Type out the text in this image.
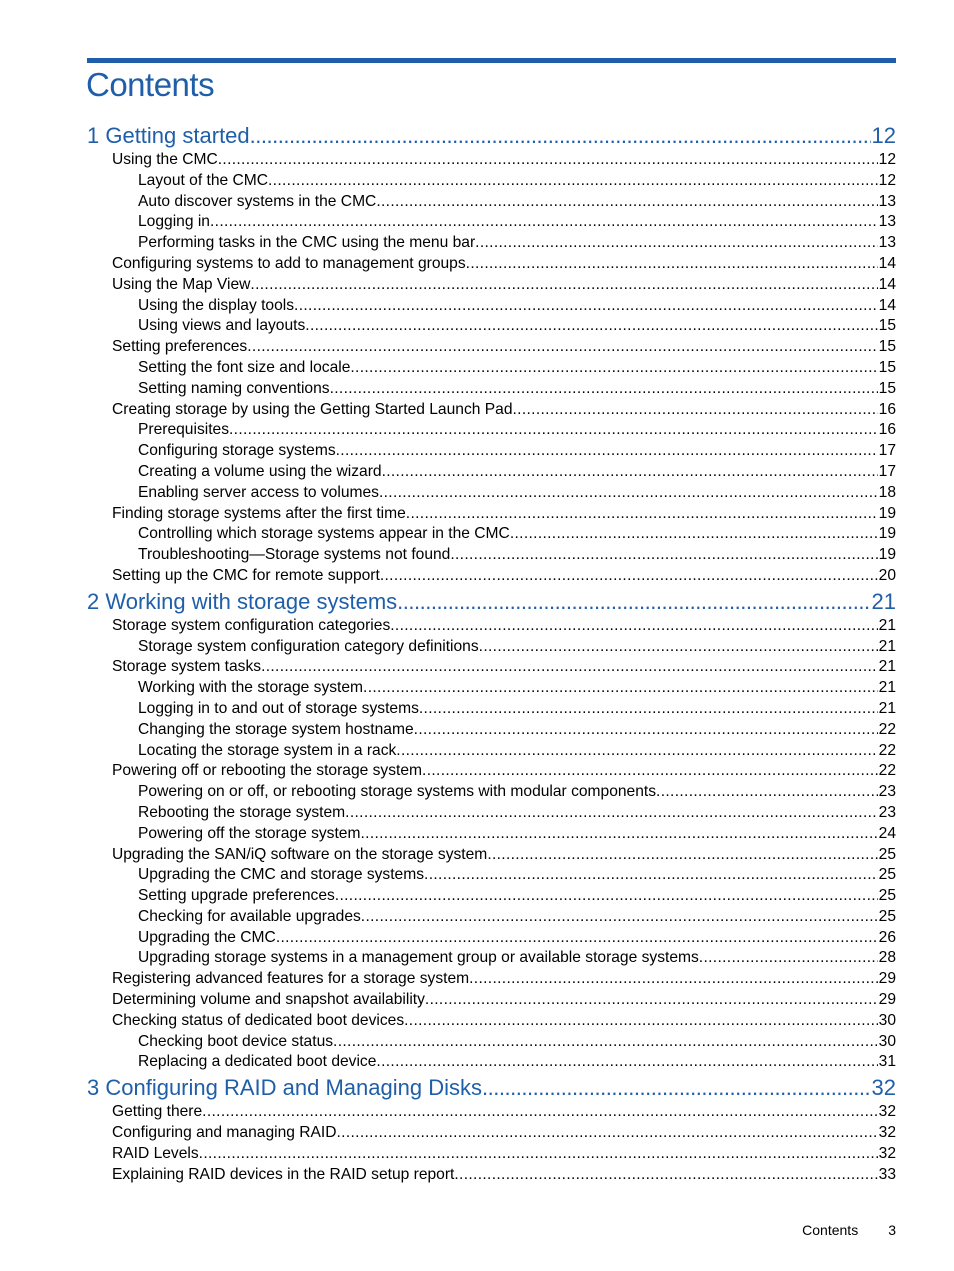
Contents
1 Getting started . . .	12
Using the CMC . . .	12
Layout of the CMC . . .	12
Auto discover systems in the CMC . . .	13
Logging in . . .	13
Performing tasks in the CMC using the menu bar . . .	13
Configuring systems to add to management groups . . .	14
Using the Map View . . .	14
Using the display tools . . .	14
Using views and layouts . . .	15
Setting preferences . . .	15
Setting the font size and locale . . .	15
Setting naming conventions . . .	15
Creating storage by using the Getting Started Launch Pad . . .	16
Prerequisites . . .	16
Configuring storage systems . . .	17
Creating a volume using the wizard . . .	17
Enabling server access to volumes . . .	18
Finding storage systems after the first time . . .	19
Controlling which storage systems appear in the CMC . . .	19
Troubleshooting—Storage systems not found . . .	19
Setting up the CMC for remote support . . .	20
2 Working with storage systems . . .	21
Storage system configuration categories . . .	21
Storage system configuration category definitions . . .	21
Storage system tasks . . .	21
Working with the storage system . . .	21
Logging in to and out of storage systems . . .	21
Changing the storage system hostname . . .	22
Locating the storage system in a rack . . .	22
Powering off or rebooting the storage system . . .	22
Powering on or off, or rebooting storage systems with modular components . . .	23
Rebooting the storage system . . .	23
Powering off the storage system . . .	24
Upgrading the SAN/iQ software on the storage system . . .	25
Upgrading the CMC and storage systems . . .	25
Setting upgrade preferences . . .	25
Checking for available upgrades . . .	25
Upgrading the CMC . . .	26
Upgrading storage systems in a management group or available storage systems . . .	28
Registering advanced features for a storage system . . .	29
Determining volume and snapshot availability . . .	29
Checking status of dedicated boot devices . . .	30
Checking boot device status . . .	30
Replacing a dedicated boot device . . .	31
3 Configuring RAID and Managing Disks . . .	32
Getting there . . .	32
Configuring and managing RAID . . .	32
RAID Levels . . .	32
Explaining RAID devices in the RAID setup report . . .	33
Contents 3
